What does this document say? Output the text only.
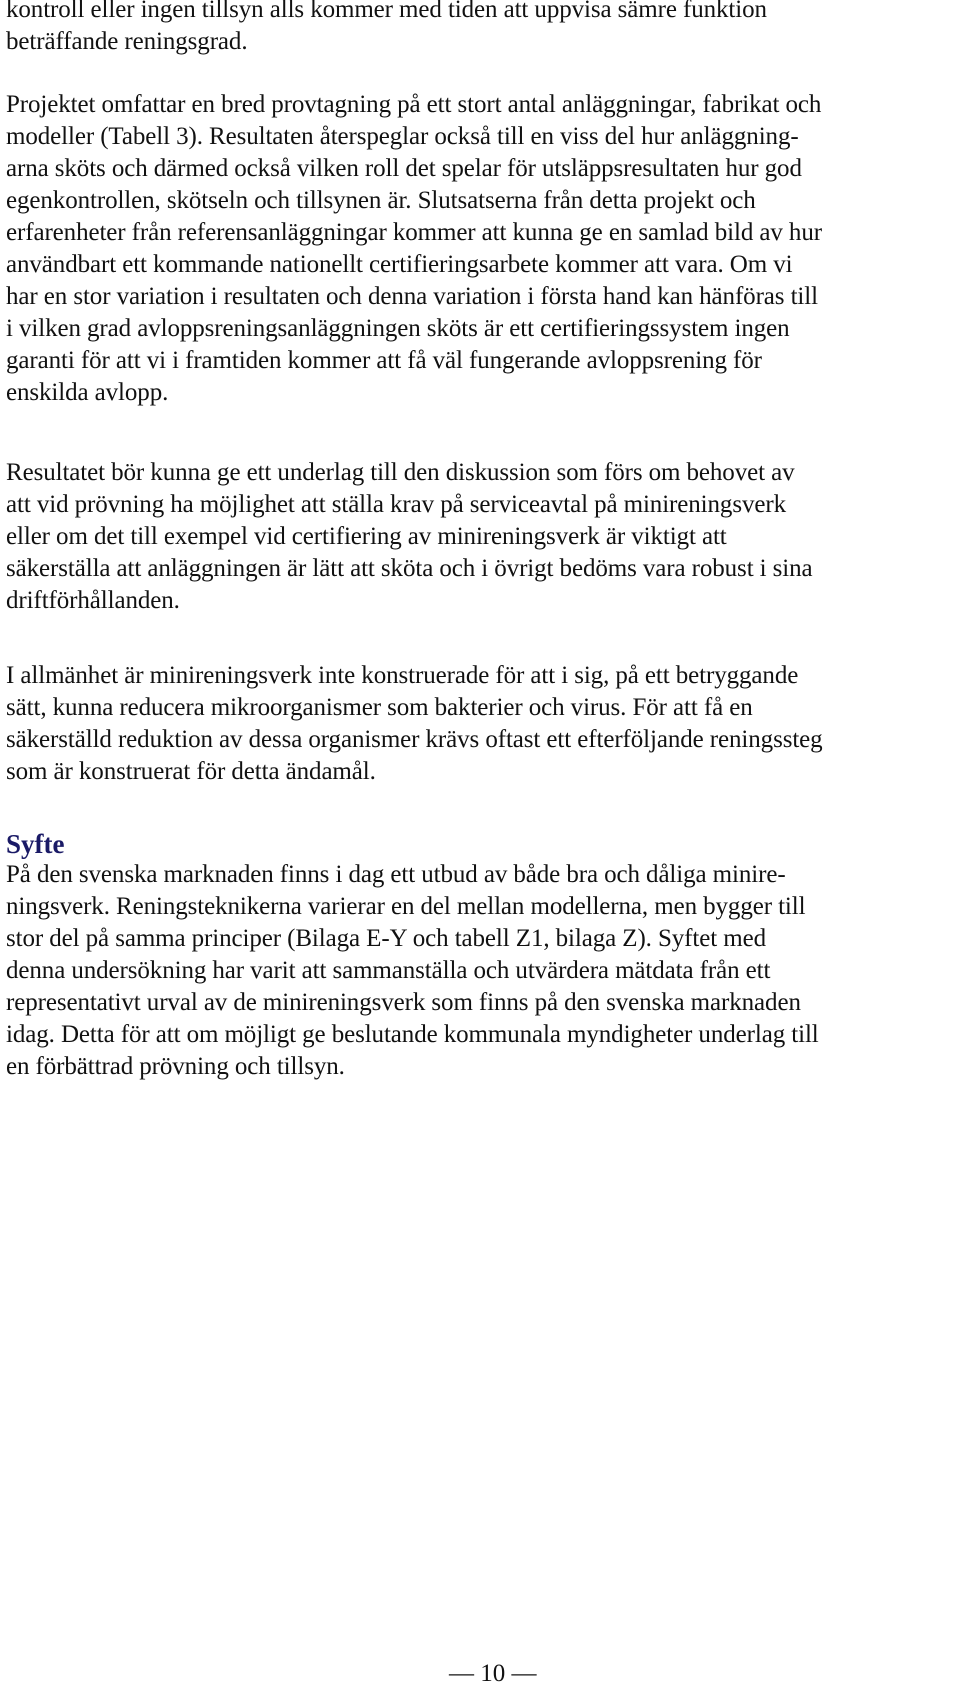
kontroll eller ingen tillsyn alls kommer med tiden att uppvisa sämre funktion
beträffande reningsgrad.
Projektet omfattar en bred provtagning på ett stort antal anläggningar, fabrikat och
modeller (Tabell 3). Resultaten återspeglar också till en viss del hur anläggning-
arna sköts och därmed också vilken roll det spelar för utsläppsresultaten hur god
egenkontrollen, skötseln och tillsynen är. Slutsatserna från detta projekt och
erfarenheter från referensanläggningar kommer att kunna ge en samlad bild av hur
användbart ett kommande nationellt certifieringsarbete kommer att vara. Om vi
har en stor variation i resultaten och denna variation i första hand kan hänföras till
i vilken grad avloppsreningsanläggningen sköts är ett certifieringssystem ingen
garanti för att vi i framtiden kommer att få väl fungerande avloppsrening för
enskilda avlopp.
Resultatet bör kunna ge ett underlag till den diskussion som förs om behovet av
att vid prövning ha möjlighet att ställa krav på serviceavtal på minireningsverk
eller om det till exempel vid certifiering av minireningsverk är viktigt att
säkerställa att anläggningen är lätt att sköta och i övrigt bedöms vara robust i sina
driftförhållanden.
I allmänhet är minireningsverk inte konstruerade för att i sig, på ett betryggande
sätt, kunna reducera mikroorganismer som bakterier och virus. För att få en
säkerställd reduktion av dessa organismer krävs oftast ett efterföljande reningssteg
som är konstruerat för detta ändamål.
Syfte
På den svenska marknaden finns i dag ett utbud av både bra och dåliga minire-
ningsverk. Reningsteknikerna varierar en del mellan modellerna, men bygger till
stor del på samma principer (Bilaga E-Y och tabell Z1, bilaga Z). Syftet med
denna undersökning har varit att sammanställa och utvärdera mätdata från ett
representativt urval av de minireningsverk som finns på den svenska marknaden
idag. Detta för att om möjligt ge beslutande kommunala myndigheter underlag till
en förbättrad prövning och tillsyn.
— 10 —
